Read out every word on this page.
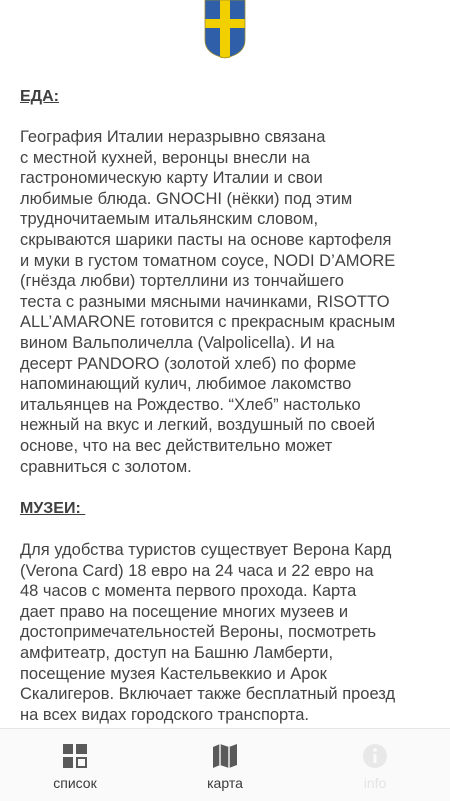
ЕДА:
География Италии неразрывно связана
с местной кухней, веронцы внесли на
гастрономическую карту Италии и свои
любимые блюда. GNOCHI (нёкки) под этим
трудночитаемым итальянским словом,
скрываются шарики пасты на основе картофеля
и муки в густом томатном соусе, NODI D’AMORE
(гнёзда любви) тортеллини из тончайшего
теста с разными мясными начинками, RISOTTO
ALL’AMARONE готовится с прекрасным красным
вином Вальполичелла (Valpolicella). И на
десерт PANDORO (золотой хлеб) по форме
напоминающий кулич, любимое лакомство
итальянцев на Рождество. “Хлеб” настолько
нежный на вкус и легкий, воздушный по своей
основе, что на вес действительно может
сравниться с золотом.
МУЗЕИ:
Для удобства туристов существует Верона Кард
(Verona Card) 18 евро на 24 часа и 22 евро на
48 часов с момента первого прохода. Карта
дает право на посещение многих музеев и
достопримечательностей Вероны, посмотреть
амфитеатр, доступ на Башню Ламберти,
посещение музея Кастельвеккио и Арок
Скалигеров. Включает также бесплатный проезд
на всех видах городского транспорта.
список	карта	info
